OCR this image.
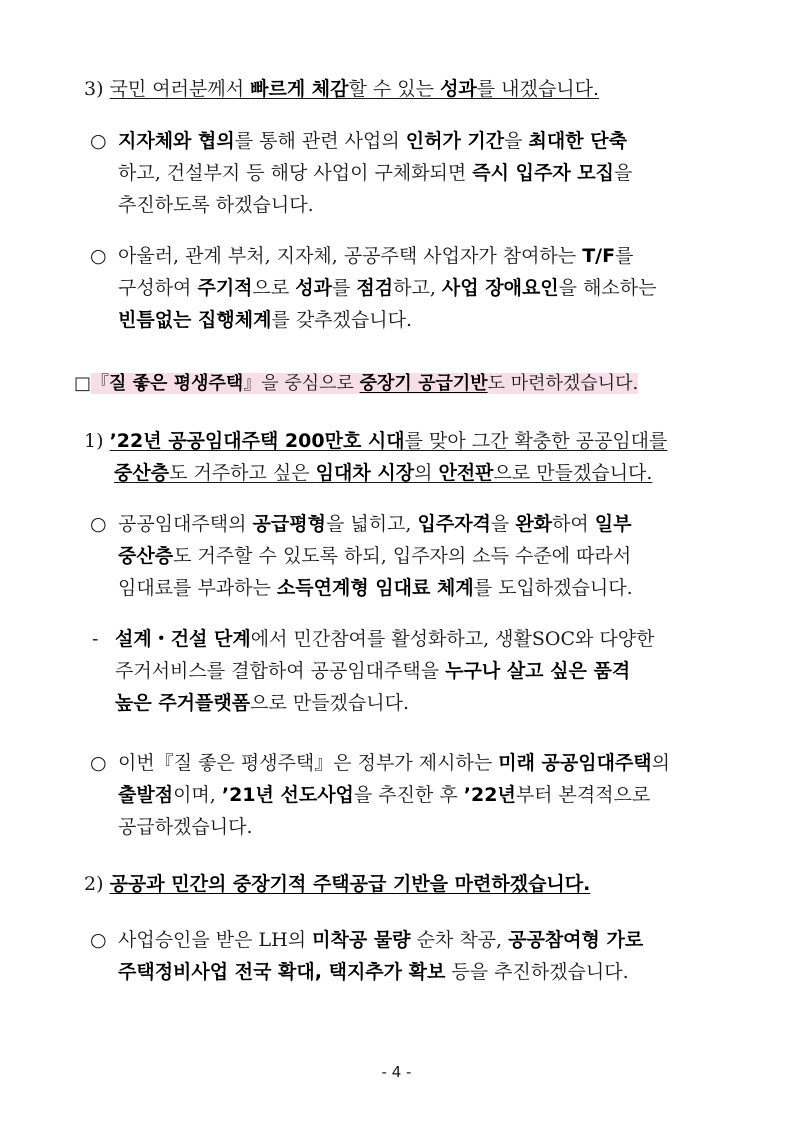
3) 국민 여러분께서 빠르게 체감할 수 있는 성과를 내겠습니다.
○ 지자체와 협의를 통해 관련 사업의 인허가 기간을 최대한 단축
하고, 건설부지 등 해당 사업이 구체화되면 즉시 입주자 모집을
추진하도록 하겠습니다.
○ 아울러, 관계 부처, 지자체, 공공주택 사업자가 참여하는 T/F를
구성하여 주기적으로 성과를 점검하고, 사업 장애요인을 해소하는
빈틈없는 집행체계를 갖추겠습니다.
□『질 좋은 평생주택』을 중심으로 중장기 공급기반도 마련하겠습니다.
1) ’22년 공공임대주택 200만호 시대를 맞아 그간 확충한 공공임대를
중산층도 거주하고 싶은 임대차 시장의 안전판으로 만들겠습니다.
○ 공공임대주택의 공급평형을 넓히고, 입주자격을 완화하여 일부
중산층도 거주할 수 있도록 하되, 입주자의 소득 수준에 따라서
임대료를 부과하는 소득연계형 임대료 체계를 도입하겠습니다.
- 설계・건설 단계에서 민간참여를 활성화하고, 생활SOC와 다양한
주거서비스를 결합하여 공공임대주택을 누구나 살고 싶은 품격
높은 주거플랫폼으로 만들겠습니다.
○ 이번『질 좋은 평생주택』은 정부가 제시하는 미래 공공임대주택의
출발점이며, ’21년 선도사업을 추진한 후 ’22년부터 본격적으로
공급하겠습니다.
2) 공공과 민간의 중장기적 주택공급 기반을 마련하겠습니다.
○ 사업승인을 받은 LH의 미착공 물량 순차 착공, 공공참여형 가로
주택정비사업 전국 확대, 택지추가 확보 등을 추진하겠습니다.
- 4 -
